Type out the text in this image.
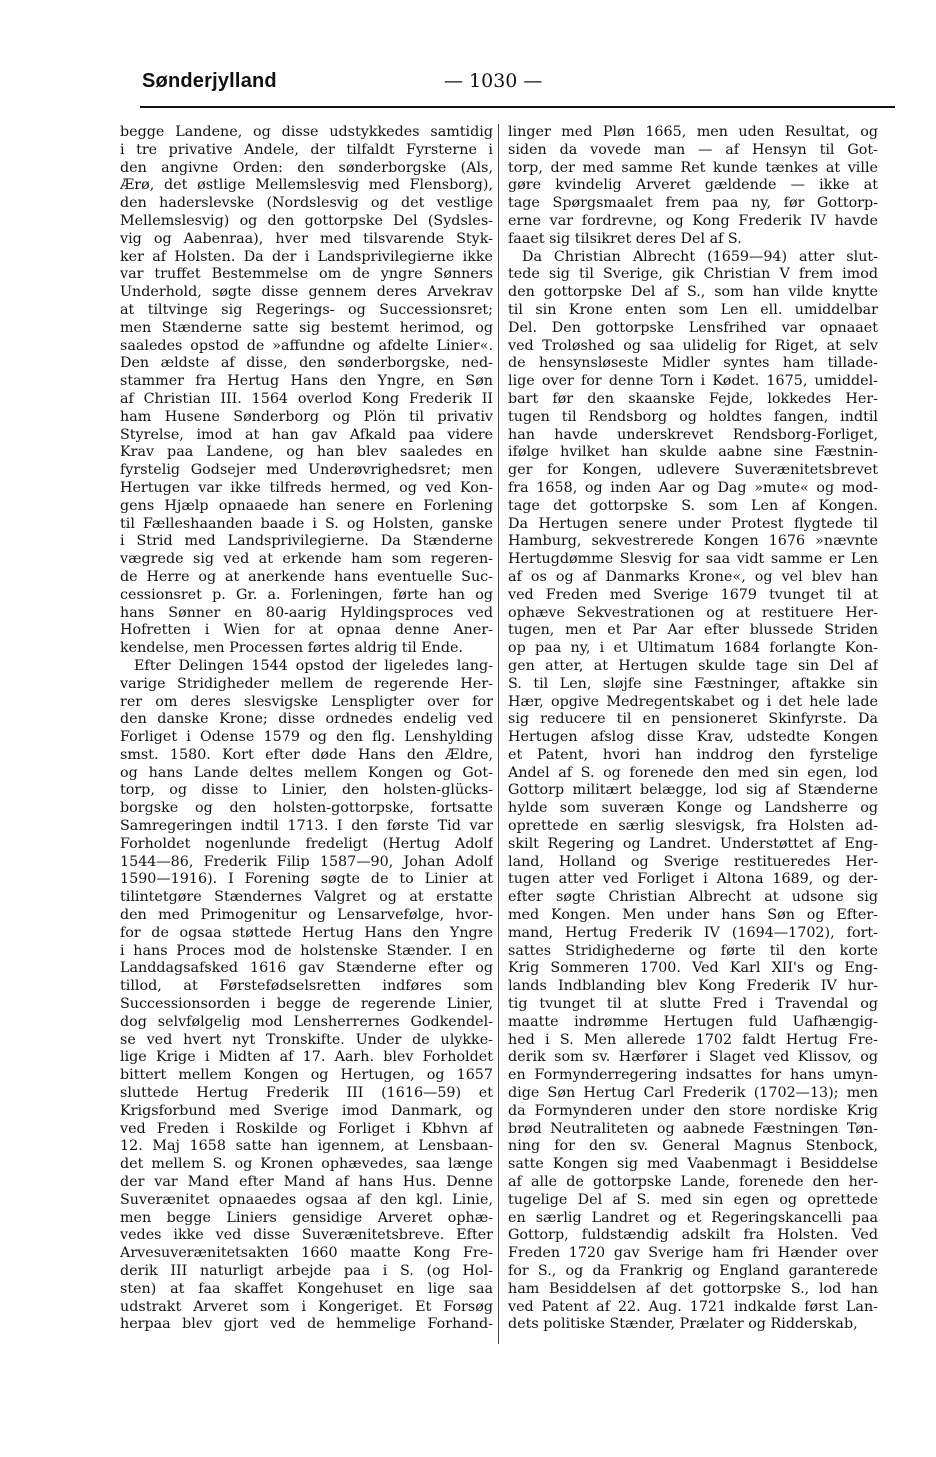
Sønderjylland	— 1030 —
begge Landene, og disse udstykkedes samtidig
i tre privative Andele, der tilfaldt Fyrsterne i
den angivne Orden: den sønderborgske (Als,
Ærø, det østlige Mellemslesvig med Flensborg),
den haderslevske (Nordslesvig og det vestlige
Mellemslesvig) og den gottorpske Del (Sydsles-
vig og Aabenraa), hver med tilsvarende Styk-
ker af Holsten. Da der i Landsprivilegierne ikke
var truffet Bestemmelse om de yngre Sønners
Underhold, søgte disse gennem deres Arvekrav
at tiltvinge sig Regerings- og Successionsret;
men Stænderne satte sig bestemt herimod, og
saaledes opstod de »affundne og afdelte Linier«.
Den ældste af disse, den sønderborgske, ned-
stammer fra Hertug Hans den Yngre, en Søn
af Christian III. 1564 overlod Kong Frederik II
ham Husene Sønderborg og Plön til privativ
Styrelse, imod at han gav Afkald paa videre
Krav paa Landene, og han blev saaledes en
fyrstelig Godsejer med Underøvrighedsret; men
Hertugen var ikke tilfreds hermed, og ved Kon-
gens Hjælp opnaaede han senere en Forlening
til Fælleshaanden baade i S. og Holsten, ganske
i Strid med Landsprivilegierne. Da Stænderne
vægrede sig ved at erkende ham som regeren-
de Herre og at anerkende hans eventuelle Suc-
cessionsret p. Gr. a. Forleningen, førte han og
hans Sønner en 80-aarig Hyldingsproces ved
Hofretten i Wien for at opnaa denne Aner-
kendelse, men Processen førtes aldrig til Ende.
Efter Delingen 1544 opstod der ligeledes lang-
varige Stridigheder mellem de regerende Her-
rer om deres slesvigske Lenspligter over for
den danske Krone; disse ordnedes endelig ved
Forliget i Odense 1579 og den flg. Lenshylding
smst. 1580. Kort efter døde Hans den Ældre,
og hans Lande deltes mellem Kongen og Got-
torp, og disse to Linier, den holsten-glücks-
borgske og den holsten-gottorpske, fortsatte
Samregeringen indtil 1713. I den første Tid var
Forholdet nogenlunde fredeligt (Hertug Adolf
1544—86, Frederik Filip 1587—90, Johan Adolf
1590—1916). I Forening søgte de to Linier at
tilintetgøre Stændernes Valgret og at erstatte
den med Primogenitur og Lensarvefølge, hvor-
for de ogsaa støttede Hertug Hans den Yngre
i hans Proces mod de holstenske Stænder. I en
Landdagsafsked 1616 gav Stænderne efter og
tillod, at Førstefødselsretten indføres som
Successionsorden i begge de regerende Linier,
dog selvfølgelig mod Lensherrernes Godkendel-
se ved hvert nyt Tronskifte. Under de ulykke-
lige Krige i Midten af 17. Aarh. blev Forholdet
bittert mellem Kongen og Hertugen, og 1657
sluttede Hertug Frederik III (1616—59) et
Krigsforbund med Sverige imod Danmark, og
ved Freden i Roskilde og Forliget i Kbhvn af
12. Maj 1658 satte han igennem, at Lensbaan-
det mellem S. og Kronen ophævedes, saa længe
der var Mand efter Mand af hans Hus. Denne
Suverænitet opnaaedes ogsaa af den kgl. Linie,
men begge Liniers gensidige Arveret ophæ-
vedes ikke ved disse Suverænitetsbreve. Efter
Arvesuverænitetsakten 1660 maatte Kong Fre-
derik III naturligt arbejde paa i S. (og Hol-
sten) at faa skaffet Kongehuset en lige saa
udstrakt Arveret som i Kongeriget. Et Forsøg
herpaa blev gjort ved de hemmelige Forhand-
linger med Pløn 1665, men uden Resultat, og
siden da vovede man — af Hensyn til Got-
torp, der med samme Ret kunde tænkes at ville
gøre kvindelig Arveret gældende — ikke at
tage Spørgsmaalet frem paa ny, før Gottorp-
erne var fordrevne, og Kong Frederik IV havde
faaet sig tilsikret deres Del af S.
Da Christian Albrecht (1659—94) atter slut-
tede sig til Sverige, gik Christian V frem imod
den gottorpske Del af S., som han vilde knytte
til sin Krone enten som Len ell. umiddelbar
Del. Den gottorpske Lensfrihed var opnaaet
ved Troløshed og saa ulidelig for Riget, at selv
de hensynsløseste Midler syntes ham tillade-
lige over for denne Torn i Kødet. 1675, umiddel-
bart før den skaanske Fejde, lokkedes Her-
tugen til Rendsborg og holdtes fangen, indtil
han havde underskrevet Rendsborg-Forliget,
ifølge hvilket han skulde aabne sine Fæstnin-
ger for Kongen, udlevere Suverænitetsbrevet
fra 1658, og inden Aar og Dag »mute« og mod-
tage det gottorpske S. som Len af Kongen.
Da Hertugen senere under Protest flygtede til
Hamburg, sekvestrerede Kongen 1676 »nævnte
Hertugdømme Slesvig for saa vidt samme er Len
af os og af Danmarks Krone«, og vel blev han
ved Freden med Sverige 1679 tvunget til at
ophæve Sekvestrationen og at restituere Her-
tugen, men et Par Aar efter blussede Striden
op paa ny, i et Ultimatum 1684 forlangte Kon-
gen atter, at Hertugen skulde tage sin Del af
S. til Len, sløjfe sine Fæstninger, aftakke sin
Hær, opgive Medregentskabet og i det hele lade
sig reducere til en pensioneret Skinfyrste. Da
Hertugen afslog disse Krav, udstedte Kongen
et Patent, hvori han inddrog den fyrstelige
Andel af S. og forenede den med sin egen, lod
Gottorp militært belægge, lod sig af Stænderne
hylde som suveræn Konge og Landsherre og
oprettede en særlig slesvigsk, fra Holsten ad-
skilt Regering og Landret. Understøttet af Eng-
land, Holland og Sverige restitueredes Her-
tugen atter ved Forliget i Altona 1689, og der-
efter søgte Christian Albrecht at udsone sig
med Kongen. Men under hans Søn og Efter-
mand, Hertug Frederik IV (1694—1702), fort-
sattes Stridighederne og førte til den korte
Krig Sommeren 1700. Ved Karl XII's og Eng-
lands Indblanding blev Kong Frederik IV hur-
tig tvunget til at slutte Fred i Travendal og
maatte indrømme Hertugen fuld Uafhængig-
hed i S. Men allerede 1702 faldt Hertug Fre-
derik som sv. Hærfører i Slaget ved Klissov, og
en Formynderregering indsattes for hans umyn-
dige Søn Hertug Carl Frederik (1702—13); men
da Formynderen under den store nordiske Krig
brød Neutraliteten og aabnede Fæstningen Tøn-
ning for den sv. General Magnus Stenbock,
satte Kongen sig med Vaabenmagt i Besiddelse
af alle de gottorpske Lande, forenede den her-
tugelige Del af S. med sin egen og oprettede
en særlig Landret og et Regeringskancelli paa
Gottorp, fuldstændig adskilt fra Holsten. Ved
Freden 1720 gav Sverige ham fri Hænder over
for S., og da Frankrig og England garanterede
ham Besiddelsen af det gottorpske S., lod han
ved Patent af 22. Aug. 1721 indkalde først Lan-
dets politiske Stænder, Prælater og Ridderskab,
